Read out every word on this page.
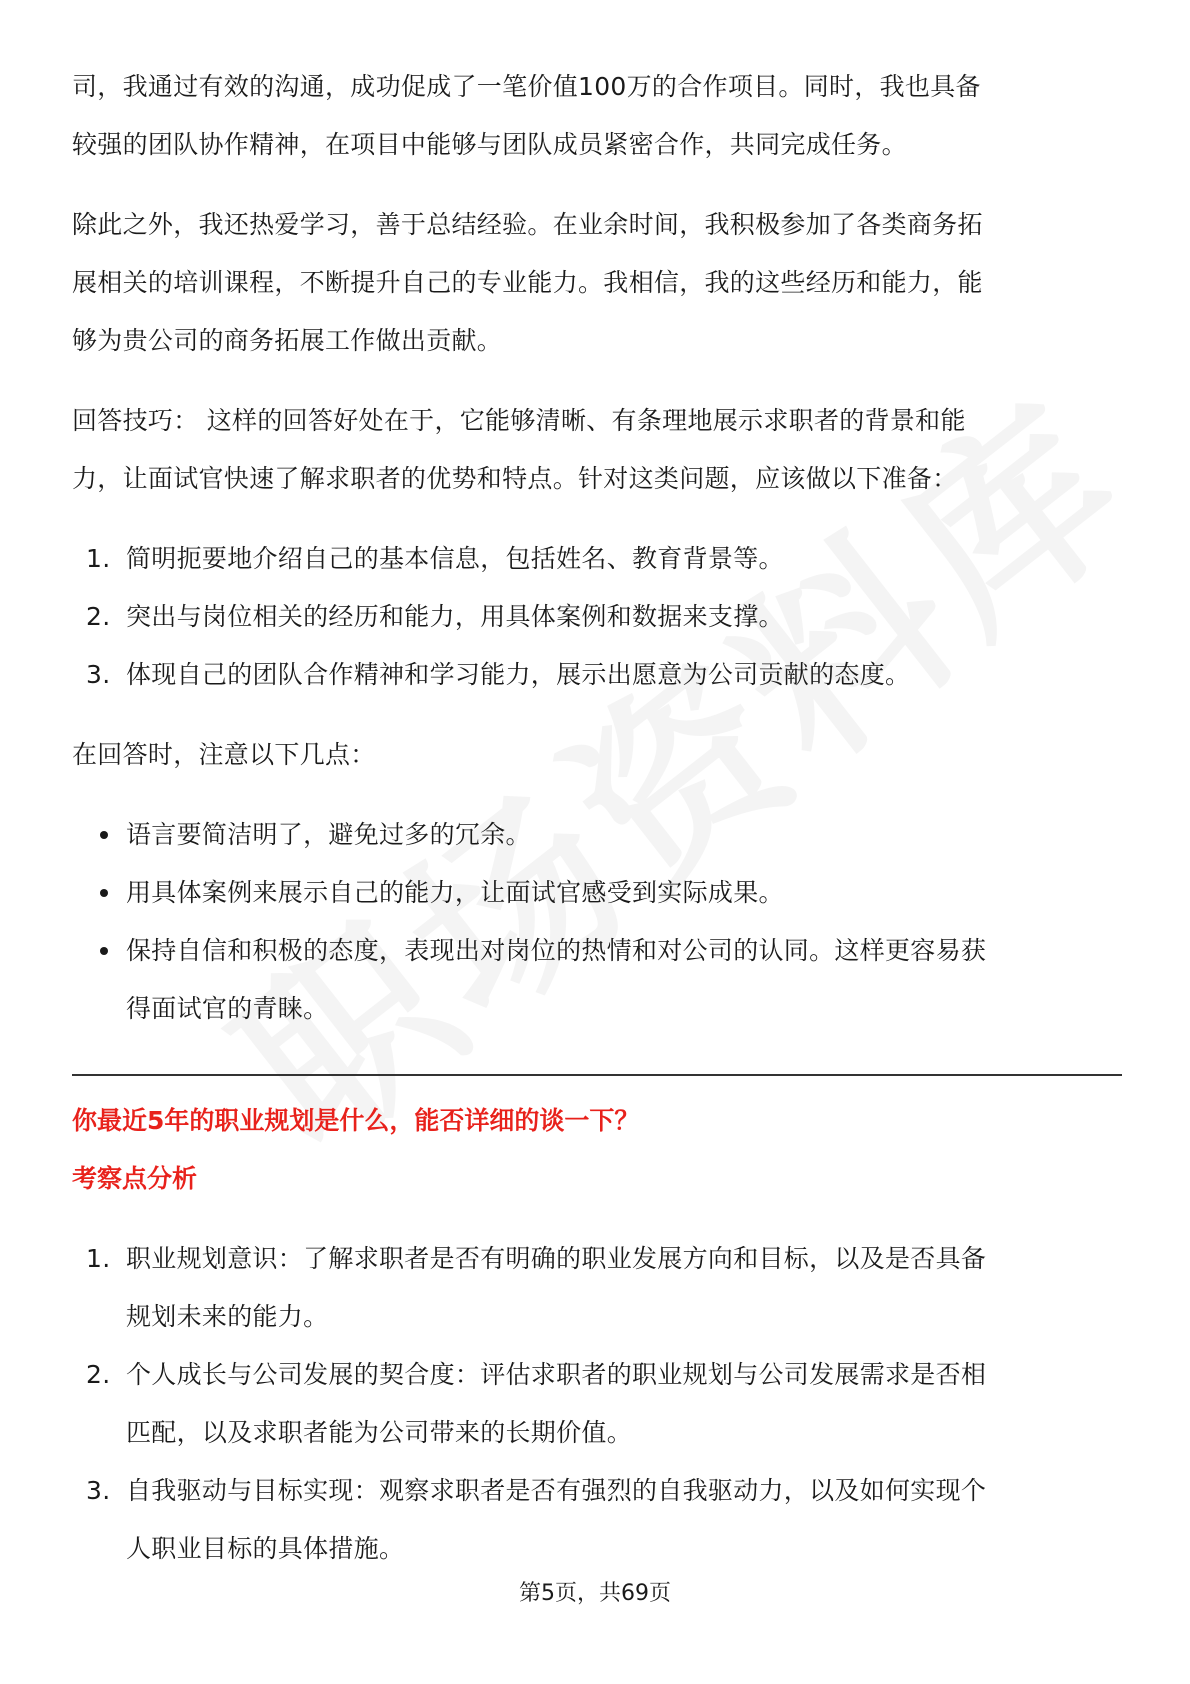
司，我通过有效的沟通，成功促成了一笔价值100万的合作项目。同时，我也具备
较强的团队协作精神，在项目中能够与团队成员紧密合作，共同完成任务。

除此之外，我还热爱学习，善于总结经验。在业余时间，我积极参加了各类商务拓
展相关的培训课程，不断提升自己的专业能力。我相信，我的这些经历和能力，能
够为贵公司的商务拓展工作做出贡献。

回答技巧： 这样的回答好处在于，它能够清晰、有条理地展示求职者的背景和能
力，让面试官快速了解求职者的优势和特点。针对这类问题，应该做以下准备：

1. 简明扼要地介绍自己的基本信息，包括姓名、教育背景等。
2. 突出与岗位相关的经历和能力，用具体案例和数据来支撑。
3. 体现自己的团队合作精神和学习能力，展示出愿意为公司贡献的态度。

在回答时，注意以下几点：

语言要简洁明了，避免过多的冗余。
用具体案例来展示自己的能力，让面试官感受到实际成果。
保持自信和积极的态度，表现出对岗位的热情和对公司的认同。这样更容易获
得面试官的青睐。

你最近5年的职业规划是什么，能否详细的谈一下？

考察点分析

1. 职业规划意识：了解求职者是否有明确的职业发展方向和目标，以及是否具备
规划未来的能力。
2. 个人成长与公司发展的契合度：评估求职者的职业规划与公司发展需求是否相
匹配，以及求职者能为公司带来的长期价值。
3. 自我驱动与目标实现：观察求职者是否有强烈的自我驱动力，以及如何实现个
人职业目标的具体措施。
第5页，共69页
